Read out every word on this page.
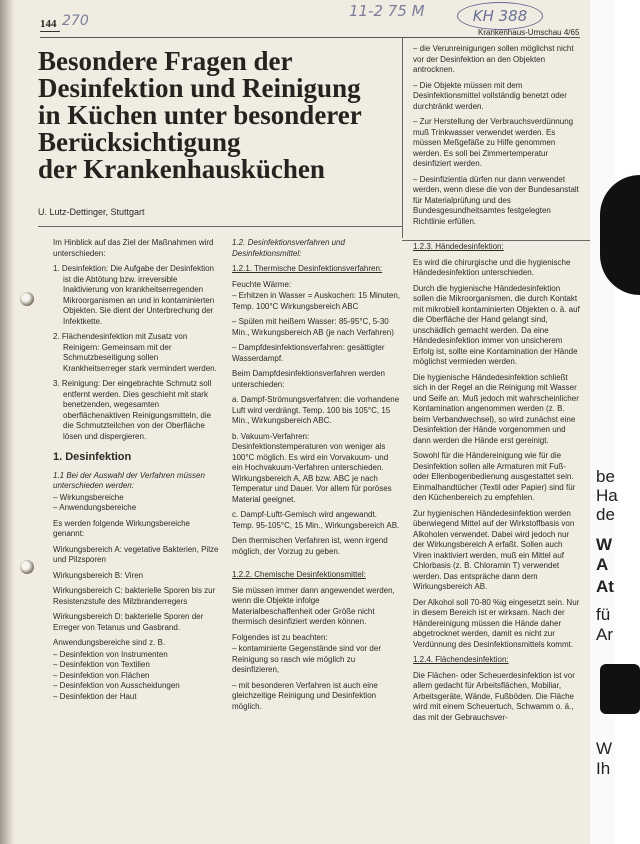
144 270
11-2 75 M	KH 388
Krankenhaus-Umschau 4/65
Besondere Fragen der
Desinfektion und Reinigung
in Küchen unter besonderer
Berücksichtigung
der Krankenhausküchen
U. Lutz-Dettinger, Stuttgart

Im Hinblick auf das Ziel der Maßnahmen wird unterschieden:

1. Desinfektion: Die Aufgabe der Desinfektion ist die Abtötung bzw. irreversible Inaktivierung von krankheitserregenden Mikroorganismen an und in kontaminierten Objekten. Sie dient der Unterbrechung der Infektkette.

2. Flächendesinfektion mit Zusatz von Reinigern: Gemeinsam mit der Schmutzbeseitigung sollen Krankheitserreger stark vermindert werden.

3. Reinigung: Der eingebrachte Schmutz soll entfernt werden. Dies geschieht mit stark benetzenden, wegesamten oberflächenaktiven Reinigungsmitteln, die die Schmutzteilchen von der Oberfläche lösen und dispergieren.

1. Desinfektion

1.1 Bei der Auswahl der Verfahren müssen unterschieden werden:

– Wirkungsbereiche

– Anwendungsbereiche

Es werden folgende Wirkungsbereiche genannt:

Wirkungsbereich A: vegetative Bakterien, Pilze und Pilzsporen

Wirkungsbereich B: Viren

Wirkungsbereich C: bakterielle Sporen bis zur Resistenzstufe des Milzbranderregers

Wirkungsbereich D: bakterielle Sporen der Erreger von Tetanus und Gasbrand.

Anwendungsbereiche sind z. B.

– Desinfektion von Instrumenten

– Desinfektion von Textilien

– Desinfektion von Flächen

– Desinfektion von Ausscheidungen

– Desinfektion der Haut

1.2. Desinfektionsverfahren und Desinfektionsmittel:

1.2.1. Thermische Desinfektionsverfahren:

Feuchte Wärme:

– Erhitzen in Wasser = Auskochen: 15 Minuten, Temp. 100°C Wirkungsbereich ABC

– Spülen mit heißem Wasser: 85-95°C, 5-30 Min., Wirkungsbereich AB (je nach Verfahren)

– Dampfdesinfektionsverfahren: gesättigter Wasserdampf.

Beim Dampfdesinfektionsverfahren werden unterschieden:

a. Dampf-Strömungsverfahren: die vorhandene Luft wird verdrängt. Temp. 100 bis 105°C, 15 Min., Wirkungsbereich ABC.

b. Vakuum-Verfahren: Desinfektionstemperaturen von weniger als 100°C möglich. Es wird ein Vorvakuum- und ein Hochvakuum-Verfahren unterschieden. Wirkungsbereich A, AB bzw. ABC je nach Temperatur und Dauer. Vor allem für poröses Material geeignet.

c. Dampf-Luftt-Gemisch wird angewandt. Temp. 95-105°C, 15 Min., Wirkungsbereich AB.

Den thermischen Verfahren ist, wenn irgend möglich, der Vorzug zu geben.

1.2.2. Chemische Desinfektionsmittel:

Sie müssen immer dann angewendet werden, wenn die Objekte infolge Materialbeschaffenheit oder Größe nicht thermisch desinfiziert werden können.

Folgendes ist zu beachten:

– kontaminierte Gegenstände sind vor der Reinigung so rasch wie möglich zu desinfizieren,

– mit besonderen Verfahren ist auch eine gleichzeitige Reinigung und Desinfektion möglich.

– die Verunreinigungen sollen möglichst nicht vor der Desinfektion an den Objekten antrocknen.

– Die Objekte müssen mit dem Desinfektionsmittel vollständig benetzt oder durchtränkt werden.

– Zur Herstellung der Verbrauchsverdünnung muß Trinkwasser verwendet werden. Es müssen Meßgefäße zu Hilfe genommen werden. Es soll bei Zimmertemperatur desinfiziert werden.

– Desinfizientia dürfen nur dann verwendet werden, wenn diese die von der Bundesanstalt für Materialprüfung und des Bundesgesundheitsamtes festgelegten Richtlinie erfüllen.

1.2.3. Händedesinfektion:

Es wird die chirurgische und die hygienische Händedesinfektion unterschieden.

Durch die hygienische Händedesinfektion sollen die Mikroorganismen, die durch Kontakt mit mikrobiell kontaminierten Objekten o. ä. auf die Oberfläche der Hand gelangt sind, unschädlich gemacht werden. Da eine Händedesinfektion immer von unsicherem Erfolg ist, sollte eine Kontamination der Hände möglichst vermieden werden.

Die hygienische Händedesinfektion schließt sich in der Regel an die Reinigung mit Wasser und Seife an. Muß jedoch mit wahrscheinlicher Kontamination angenommen werden (z. B. beim Verbandwechsel), so wird zunächst eine Desinfektion der Hände vorgenommen und dann werden die Hände erst gereinigt.

Sowohl für die Händereinigung wie für die Desinfektion sollen alle Armaturen mit Fuß- oder Ellenbogenbedienung ausgestattet sein. Einmalhandtücher (Textil oder Papier) sind für den Küchenbereich zu empfehlen.

Zur hygienischen Händedesinfektion werden überwiegend Mittel auf der Wirkstoffbasis von Alkoholen verwendet. Dabei wird jedoch nur der Wirkungsbereich A erfaßt. Sollen auch Viren inaktiviert werden, muß ein Mittel auf Chlorbasis (z. B. Chloramin T) verwendet werden. Das entspräche dann dem Wirkungsbereich AB.

Der Alkohol soll 70-80 %ig eingesetzt sein. Nur in diesem Bereich ist er wirksam. Nach der Händereinigung müssen die Hände daher abgetrocknet werden, damit es nicht zur Verdünnung des Desinfektionsmittels kommt.

1.2.4. Flächendesinfektion:

Die Flächen- oder Scheuerdesinfektion ist vor allem gedacht für Arbeitsflächen, Mobiliar, Arbeitsgeräte, Wände, Fußböden. Die Fläche wird mit einem Scheuertuch, Schwamm o. ä., das mit der Gebrauchsver-

be
Ha
de
W
A
At
fü
Ar
W
Ih
